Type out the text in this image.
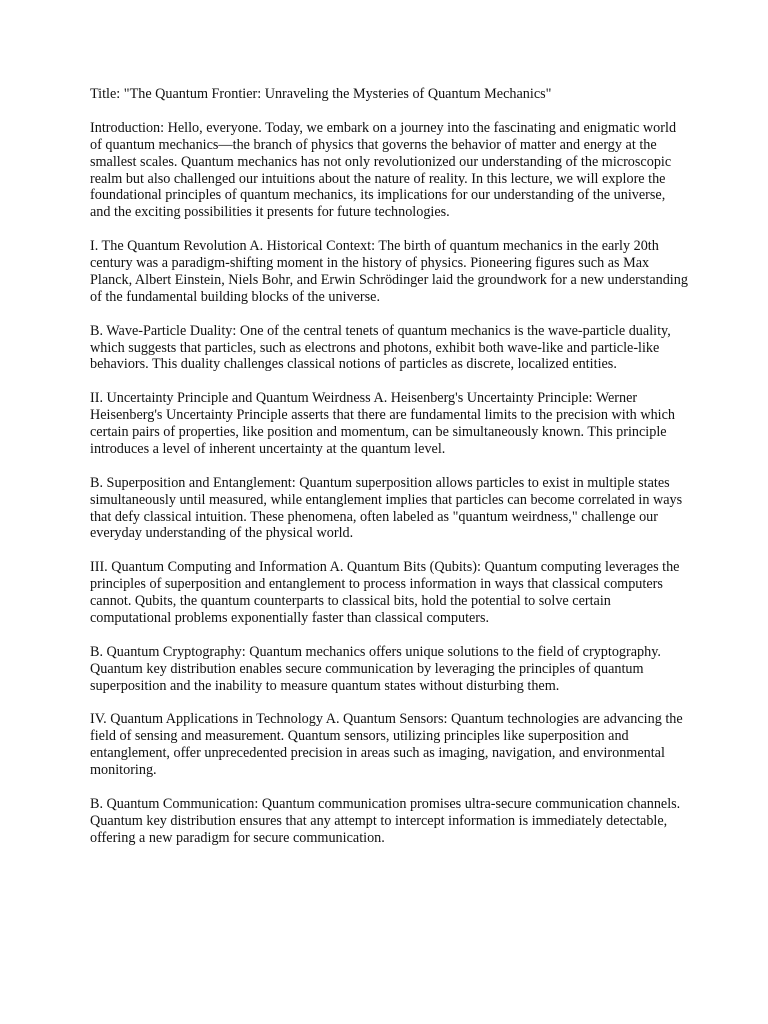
Title: "The Quantum Frontier: Unraveling the Mysteries of Quantum Mechanics"

Introduction: Hello, everyone. Today, we embark on a journey into the fascinating and enigmatic world of quantum mechanics—the branch of physics that governs the behavior of matter and energy at the smallest scales. Quantum mechanics has not only revolutionized our understanding of the microscopic realm but also challenged our intuitions about the nature of reality. In this lecture, we will explore the foundational principles of quantum mechanics, its implications for our understanding of the universe, and the exciting possibilities it presents for future technologies.

I. The Quantum Revolution A. Historical Context: The birth of quantum mechanics in the early 20th century was a paradigm-shifting moment in the history of physics. Pioneering figures such as Max Planck, Albert Einstein, Niels Bohr, and Erwin Schrödinger laid the groundwork for a new understanding of the fundamental building blocks of the universe.

B. Wave-Particle Duality: One of the central tenets of quantum mechanics is the wave-particle duality, which suggests that particles, such as electrons and photons, exhibit both wave-like and particle-like behaviors. This duality challenges classical notions of particles as discrete, localized entities.

II. Uncertainty Principle and Quantum Weirdness A. Heisenberg's Uncertainty Principle: Werner Heisenberg's Uncertainty Principle asserts that there are fundamental limits to the precision with which certain pairs of properties, like position and momentum, can be simultaneously known. This principle introduces a level of inherent uncertainty at the quantum level.

B. Superposition and Entanglement: Quantum superposition allows particles to exist in multiple states simultaneously until measured, while entanglement implies that particles can become correlated in ways that defy classical intuition. These phenomena, often labeled as "quantum weirdness," challenge our everyday understanding of the physical world.

III. Quantum Computing and Information A. Quantum Bits (Qubits): Quantum computing leverages the principles of superposition and entanglement to process information in ways that classical computers cannot. Qubits, the quantum counterparts to classical bits, hold the potential to solve certain computational problems exponentially faster than classical computers.

B. Quantum Cryptography: Quantum mechanics offers unique solutions to the field of cryptography. Quantum key distribution enables secure communication by leveraging the principles of quantum superposition and the inability to measure quantum states without disturbing them.

IV. Quantum Applications in Technology A. Quantum Sensors: Quantum technologies are advancing the field of sensing and measurement. Quantum sensors, utilizing principles like superposition and entanglement, offer unprecedented precision in areas such as imaging, navigation, and environmental monitoring.

B. Quantum Communication: Quantum communication promises ultra-secure communication channels. Quantum key distribution ensures that any attempt to intercept information is immediately detectable, offering a new paradigm for secure communication.
